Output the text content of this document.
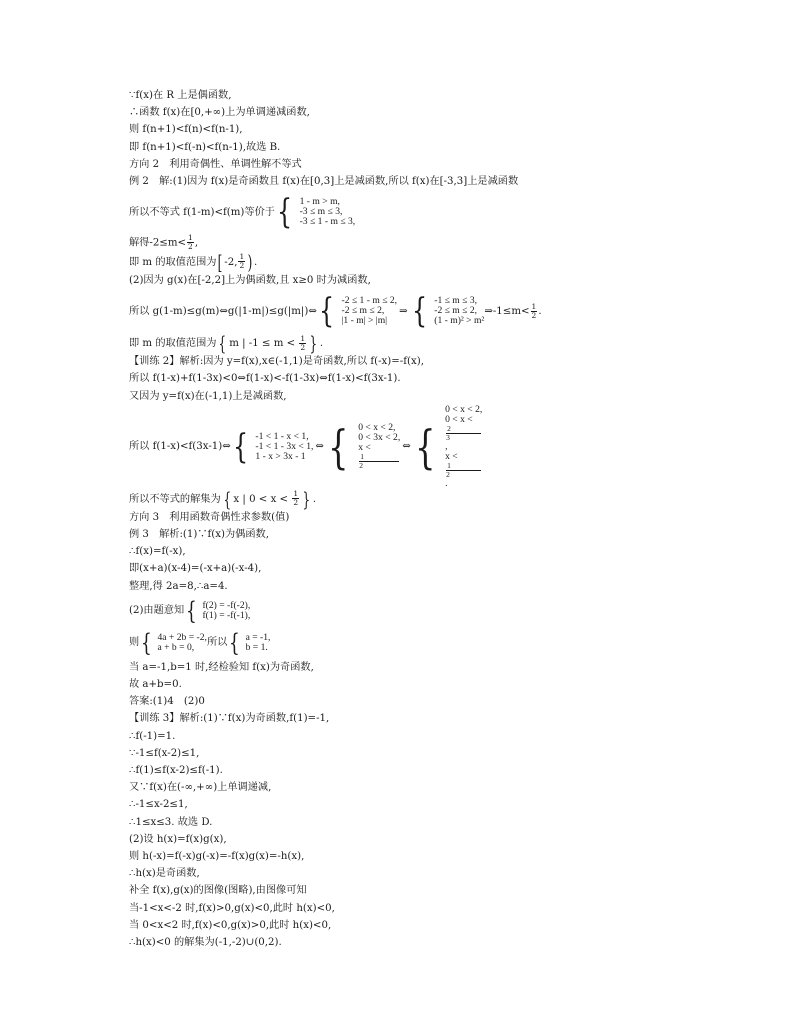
∵f(x)在 R 上是偶函数,
∴函数 f(x)在[0,+∞)上为单调递减函数,
则 f(n+1)<f(n)<f(n-1),
即 f(n+1)<f(-n)<f(n-1),故选 B.
方向 2　利用奇偶性、单调性解不等式
例 2　解:(1)因为 f(x)是奇函数且 f(x)在[0,3]上是减函数,所以 f(x)在[-3,3]上是减函数
所以不等式 f(1-m)<f(m)等价于 { 1 - m > m,
-3 ≤ m ≤ 3,
-3 ≤ 1 - m ≤ 3,
解得$-2\le m< \frac{1}{2}$ ,
即 m 的取值范围为[ -2, $\frac{1}{2}$ ) .
(2)因为 g(x)在[-2,2]上为偶函数,且 x≥0 时为减函数,
所以 g(1-m)≤g(m)⇔g(|1-m|)≤g(|m|)⇔ { -2 ≤ 1 - m ≤ 2,
-2 ≤ m ≤ 2,
|1 - m| > |m|
⇒ { -1 ≤ m ≤ 3,
-2 ≤ m ≤ 2,
(1 - m)² > m²
⇒-1≤m< $\frac{1}{2}$ .
即 m 的取值范围为 { m | $-1 \le m < \frac{1}{2}$ } .
【训练 2】解析:因为 y=f(x),x∈(-1,1)是奇函数,所以 f(-x)=-f(x),
所以 f(1-x)+f(1-3x)<0⇔f(1-x)<-f(1-3x)⇔f(1-x)<f(3x-1).
又因为 y=f(x)在(-1,1)上是减函数,
所以 f(1-x)<f(3x-1)⇔ { -1 < 1 - x < 1,
-1 < 1 - 3x < 1,
1 - x > 3x - 1
⇔ { 0 < x < 2,
0 < 3x < 2,
x <
1
2
⇔ {
0 < x < 2,
0 < x <
2
3
,
x <
1
2
.
所以不等式的解集为 { x | $0 < x < \frac{1}{2}$ } .
方向 3　利用函数奇偶性求参数(值)
例 3　解析:(1)∵f(x)为偶函数,
∴f(x)=f(-x),
即(x+a)(x-4)=(-x+a)(-x-4),
整理,得 2a=8,∴a=4.
(2)由题意知 { f(2) = -f(-2),
f(1) = -f(-1),
则 { 4a + 2b = -2,
a + b = 0,	所以 { a = -1,
b = 1.
当 a=-1,b=1 时,经检验知 f(x)为奇函数,
故 a+b=0.
答案:(1)4　(2)0
【训练 3】解析:(1)∵f(x)为奇函数,f(1)=-1,
∴f(-1)=1.
∵-1≤f(x-2)≤1,
∴f(1)≤f(x-2)≤f(-1).
又∵f(x)在(-∞,+∞)上单调递减,
∴-1≤x-2≤1,
∴1≤x≤3. 故选 D.
(2)设 h(x)=f(x)g(x),
则 h(-x)=f(-x)g(-x)=-f(x)g(x)=-h(x),
∴h(x)是奇函数,
补全 f(x),g(x)的图像(图略),由图像可知
当-1<x<-2 时,f(x)>0,g(x)<0,此时 h(x)<0,
当 0<x<2 时,f(x)<0,g(x)>0,此时 h(x)<0,
∴h(x)<0 的解集为(-1,-2)∪(0,2).
